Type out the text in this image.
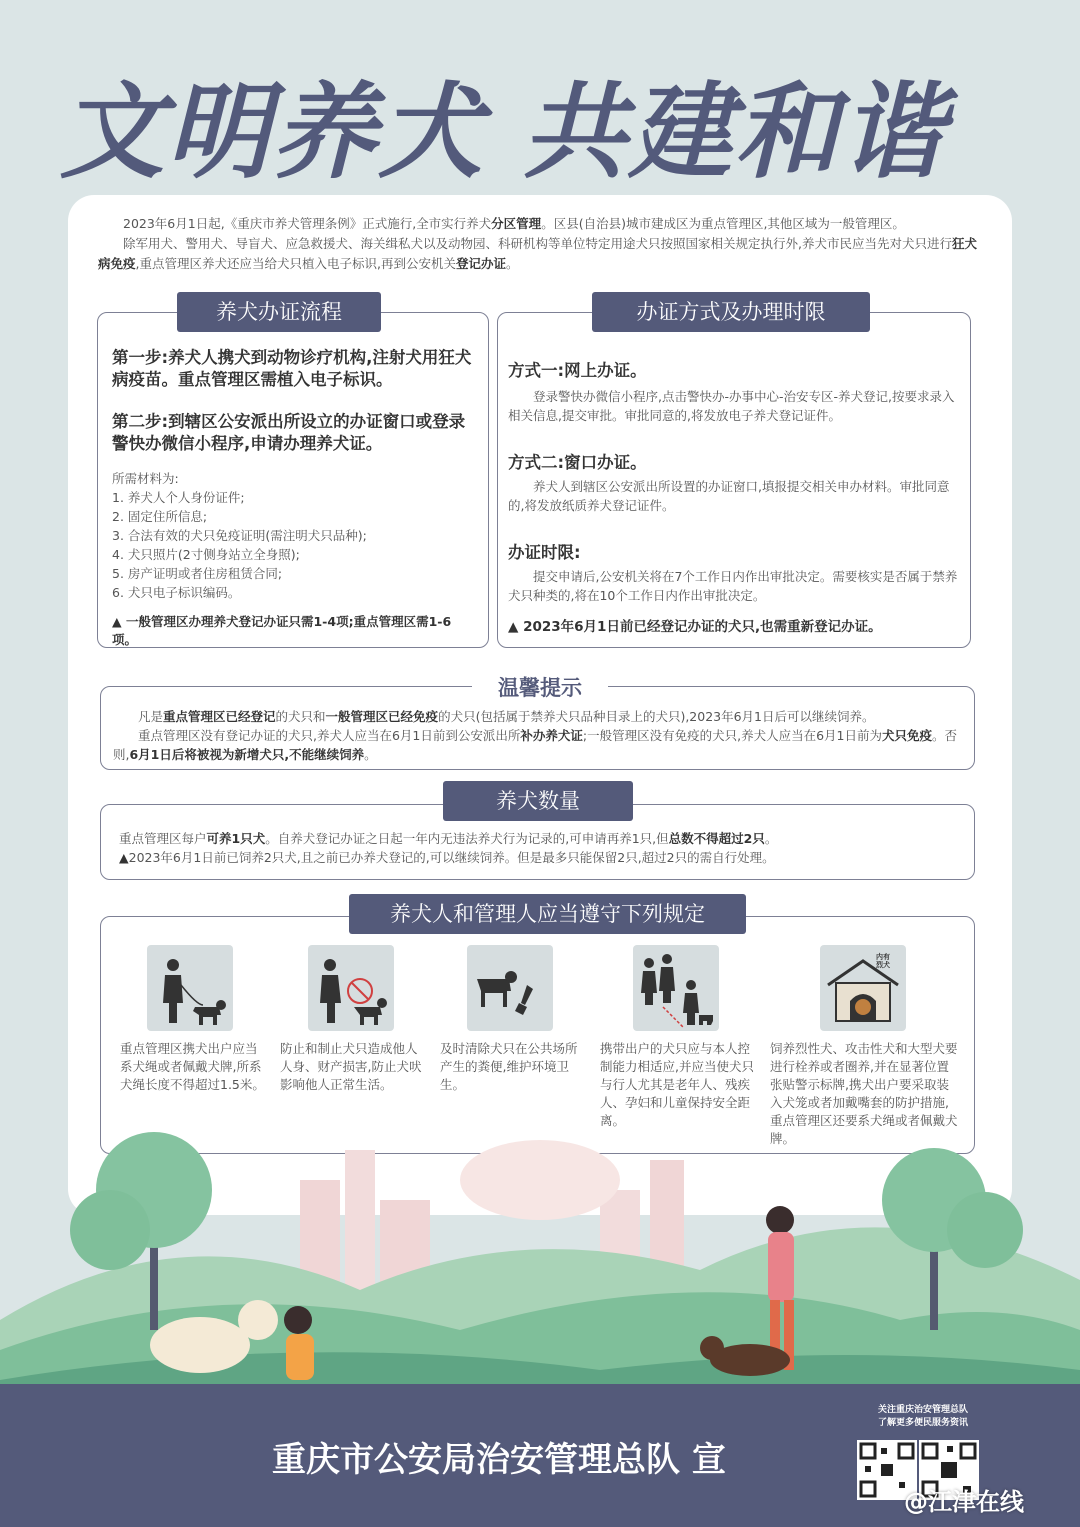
文明养犬 共建和谐

2023年6月1日起,《重庆市养犬管理条例》正式施行,全市实行养犬分区管理。区县(自治县)城市建成区为重点管理区,其他区域为一般管理区。

除军用犬、警用犬、导盲犬、应急救援犬、海关缉私犬以及动物园、科研机构等单位特定用途犬只按照国家相关规定执行外,养犬市民应当先对犬只进行狂犬病免疫,重点管理区养犬还应当给犬只植入电子标识,再到公安机关登记办证。

第一步:养犬人携犬到动物诊疗机构,注射犬用狂犬病疫苗。重点管理区需植入电子标识。

第二步:到辖区公安派出所设立的办证窗口或登录警快办微信小程序,申请办理养犬证。

所需材料为:

1. 养犬人个人身份证件;

2. 固定住所信息;

3. 合法有效的犬只免疫证明(需注明犬只品种);

4. 犬只照片(2寸侧身站立全身照);

5. 房产证明或者住房租赁合同;

6. 犬只电子标识编码。

▲ 一般管理区办理养犬登记办证只需1-4项;重点管理区需1-6项。
养犬办证流程

方式一:网上办证。

登录警快办微信小程序,点击警快办-办事中心-治安专区-养犬登记,按要求录入相关信息,提交审批。审批同意的,将发放电子养犬登记证件。

方式二:窗口办证。

养犬人到辖区公安派出所设置的办证窗口,填报提交相关申办材料。审批同意的,将发放纸质养犬登记证件。

办证时限:

提交申请后,公安机关将在7个工作日内作出审批决定。需要核实是否属于禁养犬只种类的,将在10个工作日内作出审批决定。

▲ 2023年6月1日前已经登记办证的犬只,也需重新登记办证。
办证方式及办理时限

凡是重点管理区已经登记的犬只和一般管理区已经免疫的犬只(包括属于禁养犬只品种目录上的犬只),2023年6月1日后可以继续饲养。

重点管理区没有登记办证的犬只,养犬人应当在6月1日前到公安派出所补办养犬证;一般管理区没有免疫的犬只,养犬人应当在6月1日前为犬只免疫。否则,6月1日后将被视为新增犬只,不能继续饲养。

温馨提示

重点管理区每户可养1只犬。自养犬登记办证之日起一年内无违法养犬行为记录的,可申请再养1只,但总数不得超过2只。

▲2023年6月1日前已饲养2只犬,且之前已办养犬登记的,可以继续饲养。但是最多只能保留2只,超过2只的需自行处理。

养犬数量
养犬人和管理人应当遵守下列规定
内有烈犬
重点管理区携犬出户应当系犬绳或者佩戴犬牌,所系犬绳长度不得超过1.5米。
防止和制止犬只造成他人人身、财产损害,防止犬吠影响他人正常生活。
及时清除犬只在公共场所产生的粪便,维护环境卫生。
携带出户的犬只应与本人控制能力相适应,并应当使犬只与行人尤其是老年人、残疾人、孕妇和儿童保持安全距离。
饲养烈性犬、攻击性犬和大型犬要进行栓养或者圈养,并在显著位置张贴警示标牌,携犬出户要采取装入犬笼或者加戴嘴套的防护措施,重点管理区还要系犬绳或者佩戴犬牌。
重庆市公安局治安管理总队 宣
关注重庆治安管理总队
了解更多便民服务资讯
@江津在线
